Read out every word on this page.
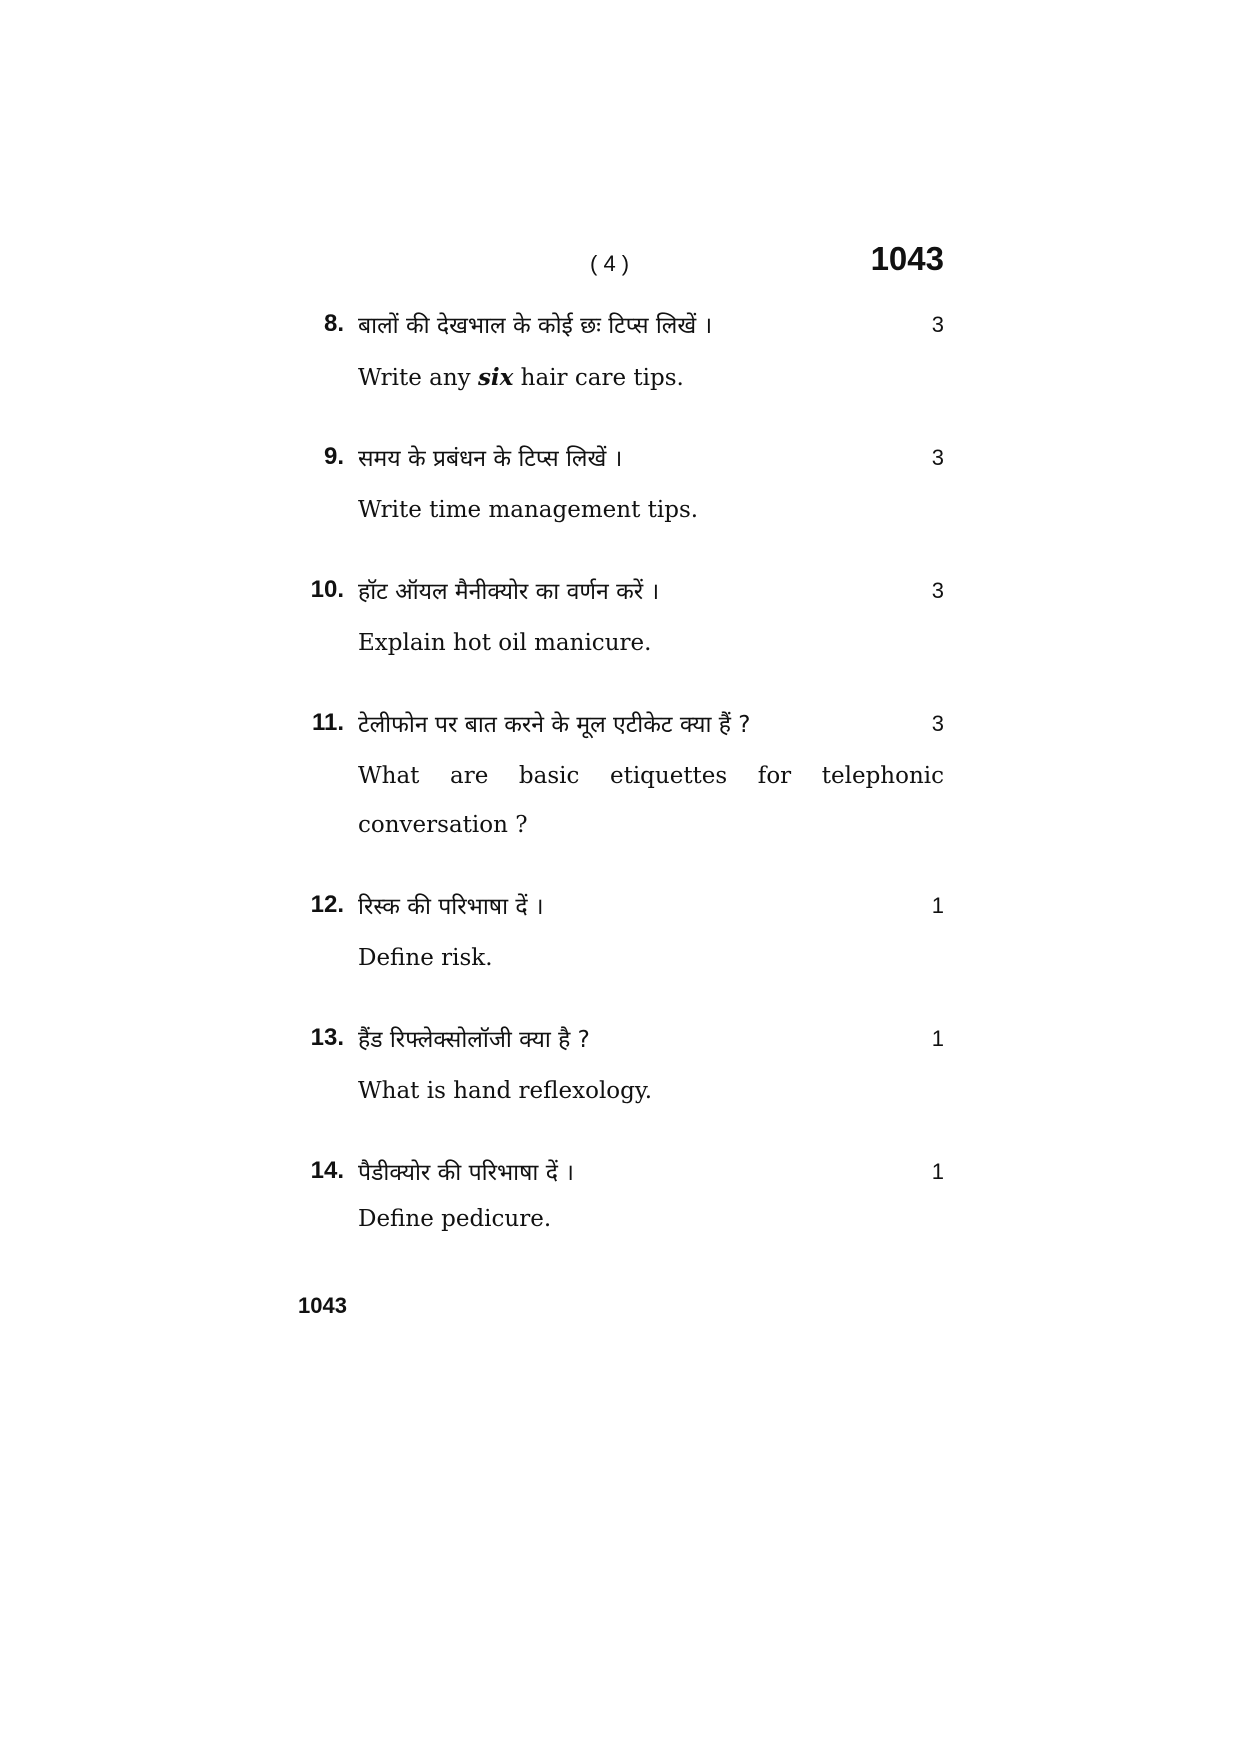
( 4 )	1043
8. बालों की देखभाल के कोई छः टिप्स लिखें ।	3
Write any six hair care tips.
9. समय के प्रबंधन के टिप्स लिखें ।	3
Write time management tips.
10. हॉट ऑयल मैनीक्योर का वर्णन करें ।	3
Explain hot oil manicure.
11. टेलीफोन पर बात करने के मूल एटीकेट क्या हैं ?	3
What are basic etiquettes for telephonic
conversation ?
12. रिस्क की परिभाषा दें ।	1
Define risk.
13. हैंड रिफ्लेक्सोलॉजी क्या है ?	1
What is hand reflexology.
14. पैडीक्योर की परिभाषा दें ।	1
Define pedicure.
1043
